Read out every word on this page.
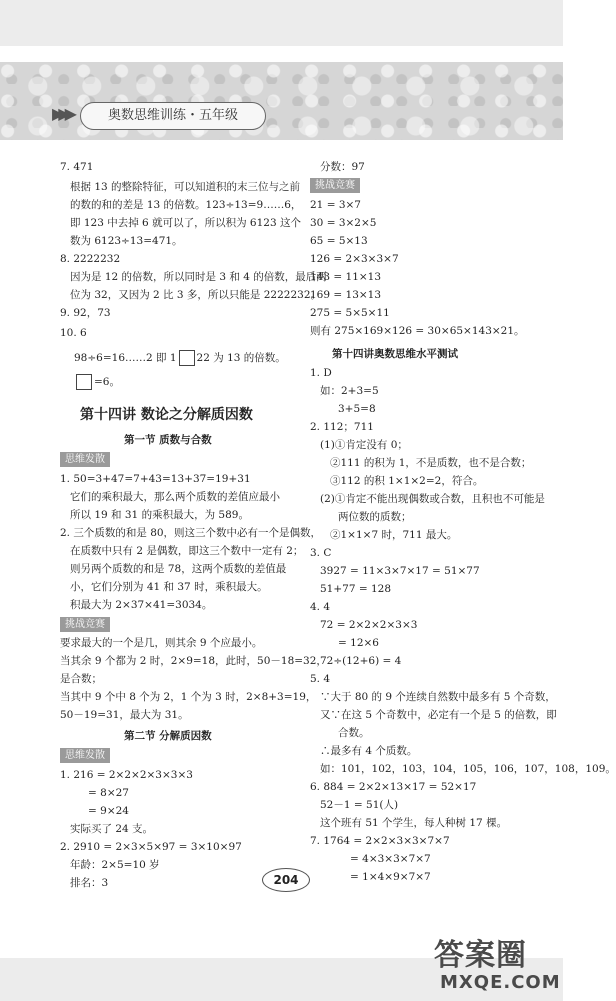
▶▶▶	奥数思维训练・五年级
7. 471
根据 13 的整除特征，可以知道积的末三位与之前
的数的和的差是 13 的倍数。123÷13=9……6，
即 123 中去掉 6 就可以了，所以积为 6123 这个
数为 6123÷13=471。
8. 2222232
因为是 12 的倍数，所以同时是 3 和 4 的倍数，最后两
位为 32，又因为 2 比 3 多，所以只能是 2222232。
9. 92，73
10. 6
98÷6=16……2 即 1 22 为 13 的倍数。
=6。
第十四讲 数论之分解质因数
第一节 质数与合数
思维发散
1. 50=3+47=7+43=13+37=19+31
它们的乘积最大，那么两个质数的差值应最小
所以 19 和 31 的乘积最大，为 589。
2. 三个质数的和是 80，则这三个数中必有一个是偶数，
在质数中只有 2 是偶数，即这三个数中一定有 2；
则另两个质数的和是 78，这两个质数的差值最
小，它们分别为 41 和 37 时，乘积最大。
积最大为 2×37×41=3034。
挑战竞赛
要求最大的一个是几，则其余 9 个应最小。
当其余 9 个都为 2 时，2×9=18，此时，50－18=32，
是合数；
当其中 9 个中 8 个为 2，1 个为 3 时，2×8+3=19，
50－19=31，最大为 31。
第二节 分解质因数
思维发散
1. 216 = 2×2×2×3×3×3
= 8×27
= 9×24
实际买了 24 支。
2. 2910 = 2×3×5×97 = 3×10×97
年龄：2×5=10 岁
排名：3
分数：97
挑战竞赛
21 = 3×7
30 = 3×2×5
65 = 5×13
126 = 2×3×3×7
143 = 11×13
169 = 13×13
275 = 5×5×11
则有 275×169×126 = 30×65×143×21。
第十四讲奥数思维水平测试
1. D
如：2+3=5
3+5=8
2. 112；711
(1)①肯定没有 0；
②111 的积为 1，不是质数，也不是合数；
③112 的积 1×1×2=2，符合。
(2)①肯定不能出现偶数或合数，且积也不可能是
两位数的质数；
②1×1×7 时，711 最大。
3. C
3927 = 11×3×7×17 = 51×77
51+77 = 128
4. 4
72 = 2×2×2×3×3
= 12×6
72÷(12+6) = 4
5. 4
∵大于 80 的 9 个连续自然数中最多有 5 个奇数，
又∵在这 5 个奇数中，必定有一个是 5 的倍数，即
合数。
∴最多有 4 个质数。
如：101，102，103，104，105，106，107，108，109。
6. 884 = 2×2×13×17 = 52×17
52－1 = 51(人)
这个班有 51 个学生，每人种树 17 棵。
7. 1764 = 2×2×3×3×7×7
= 4×3×3×7×7
= 1×4×9×7×7
204
答案圈
MXQE.COM
